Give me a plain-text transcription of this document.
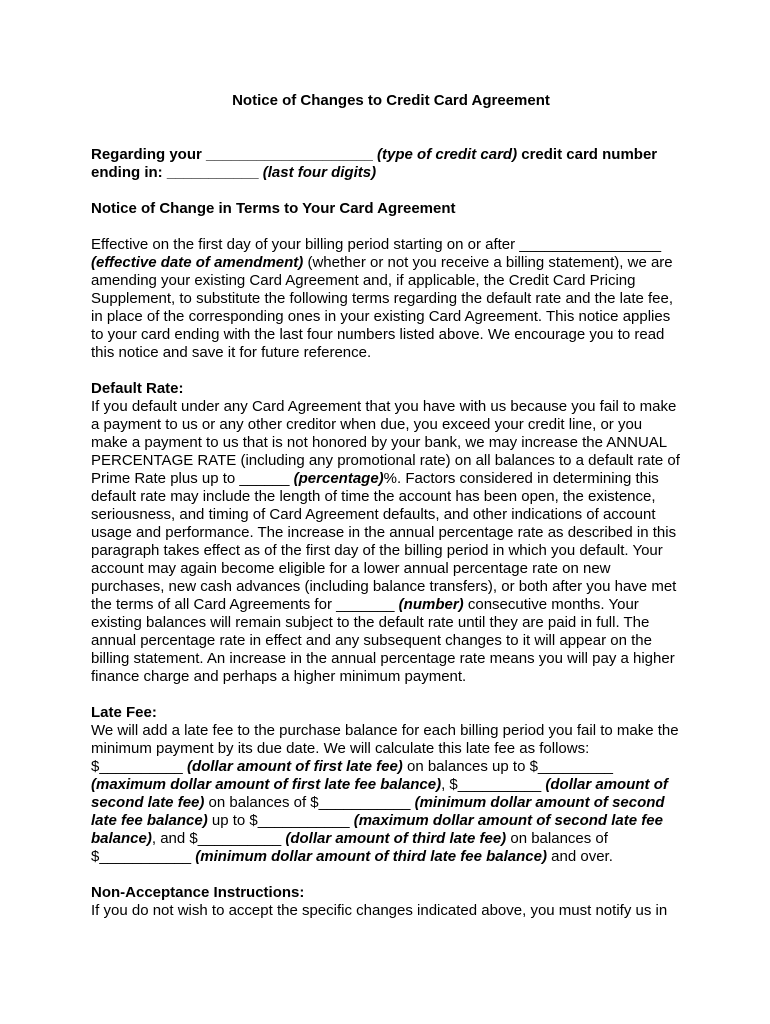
Notice of Changes to Credit Card Agreement

Regarding your ____________________ (type of credit card) credit card number ending in: ___________ (last four digits)

Notice of Change in Terms to Your Card Agreement

Effective on the first day of your billing period starting on or after _________________ (effective date of amendment) (whether or not you receive a billing statement), we are amending your existing Card Agreement and, if applicable, the Credit Card Pricing Supplement, to substitute the following terms regarding the default rate and the late fee, in place of the corresponding ones in your existing Card Agreement. This notice applies to your card ending with the last four numbers listed above. We encourage you to read this notice and save it for future reference.

Default Rate:

If you default under any Card Agreement that you have with us because you fail to make a payment to us or any other creditor when due, you exceed your credit line, or you make a payment to us that is not honored by your bank, we may increase the ANNUAL PERCENTAGE RATE (including any promotional rate) on all balances to a default rate of Prime Rate plus up to ______ (percentage)%. Factors considered in determining this default rate may include the length of time the account has been open, the existence, seriousness, and timing of Card Agreement defaults, and other indications of account usage and performance. The increase in the annual percentage rate as described in this paragraph takes effect as of the first day of the billing period in which you default. Your account may again become eligible for a lower annual percentage rate on new purchases, new cash advances (including balance transfers), or both after you have met the terms of all Card Agreements for _______ (number) consecutive months. Your existing balances will remain subject to the default rate until they are paid in full. The annual percentage rate in effect and any subsequent changes to it will appear on the billing statement. An increase in the annual percentage rate means you will pay a higher finance charge and perhaps a higher minimum payment.

Late Fee:

We will add a late fee to the purchase balance for each billing period you fail to make the minimum payment by its due date. We will calculate this late fee as follows: $__________ (dollar amount of first late fee) on balances up to $_________ (maximum dollar amount of first late fee balance), $__________ (dollar amount of second late fee) on balances of $___________ (minimum dollar amount of second late fee balance) up to $___________ (maximum dollar amount of second late fee balance), and $__________ (dollar amount of third late fee) on balances of $___________ (minimum dollar amount of third late fee balance) and over.

Non-Acceptance Instructions:

If you do not wish to accept the specific changes indicated above, you must notify us in
